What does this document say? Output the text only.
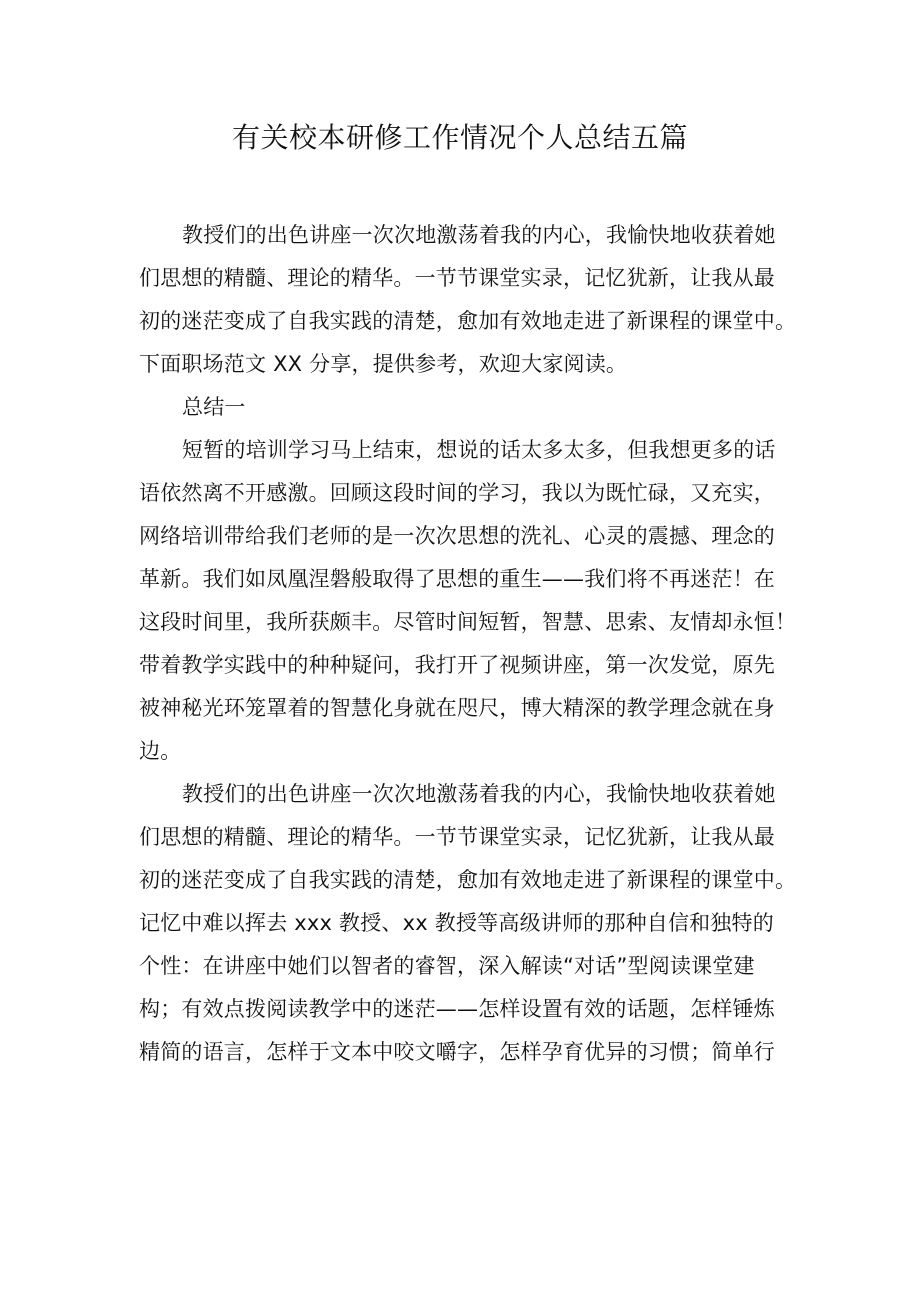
有关校本研修工作情况个人总结五篇
教授们的出色讲座一次次地激荡着我的内心，我愉快地收获着她
们思想的精髓、理论的精华。一节节课堂实录，记忆犹新，让我从最
初的迷茫变成了自我实践的清楚，愈加有效地走进了新课程的课堂中。
下面职场范文 XX 分享，提供参考，欢迎大家阅读。
总结一
短暂的培训学习马上结束，想说的话太多太多，但我想更多的话
语依然离不开感激。回顾这段时间的学习，我以为既忙碌，又充实，
网络培训带给我们老师的是一次次思想的洗礼、心灵的震撼、理念的
革新。我们如凤凰涅磐般取得了思想的重生——我们将不再迷茫！在
这段时间里，我所获颇丰。尽管时间短暂，智慧、思索、友情却永恒！
带着教学实践中的种种疑问，我打开了视频讲座，第一次发觉，原先
被神秘光环笼罩着的智慧化身就在咫尺，博大精深的教学理念就在身
边。
教授们的出色讲座一次次地激荡着我的内心，我愉快地收获着她
们思想的精髓、理论的精华。一节节课堂实录，记忆犹新，让我从最
初的迷茫变成了自我实践的清楚，愈加有效地走进了新课程的课堂中。
记忆中难以挥去 xxx 教授、xx 教授等高级讲师的那种自信和独特的
个性：在讲座中她们以智者的睿智，深入解读“对话”型阅读课堂建
构；有效点拨阅读教学中的迷茫——怎样设置有效的话题，怎样锤炼
精简的语言，怎样于文本中咬文嚼字，怎样孕育优异的习惯；简单行
